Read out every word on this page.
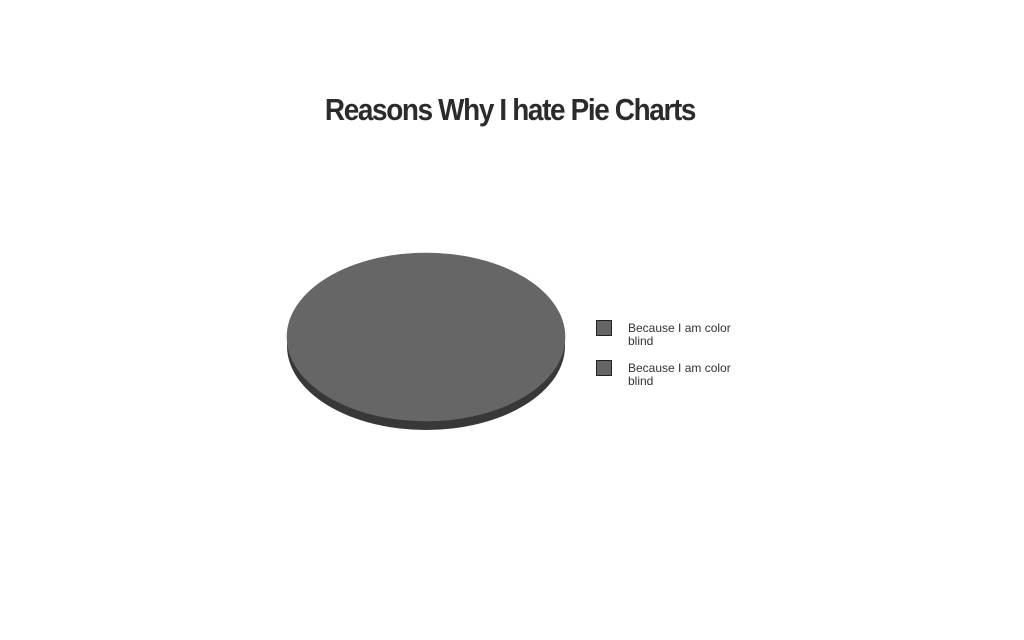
Reasons Why I hate Pie Charts
Because I am color blind
Because I am color blind
